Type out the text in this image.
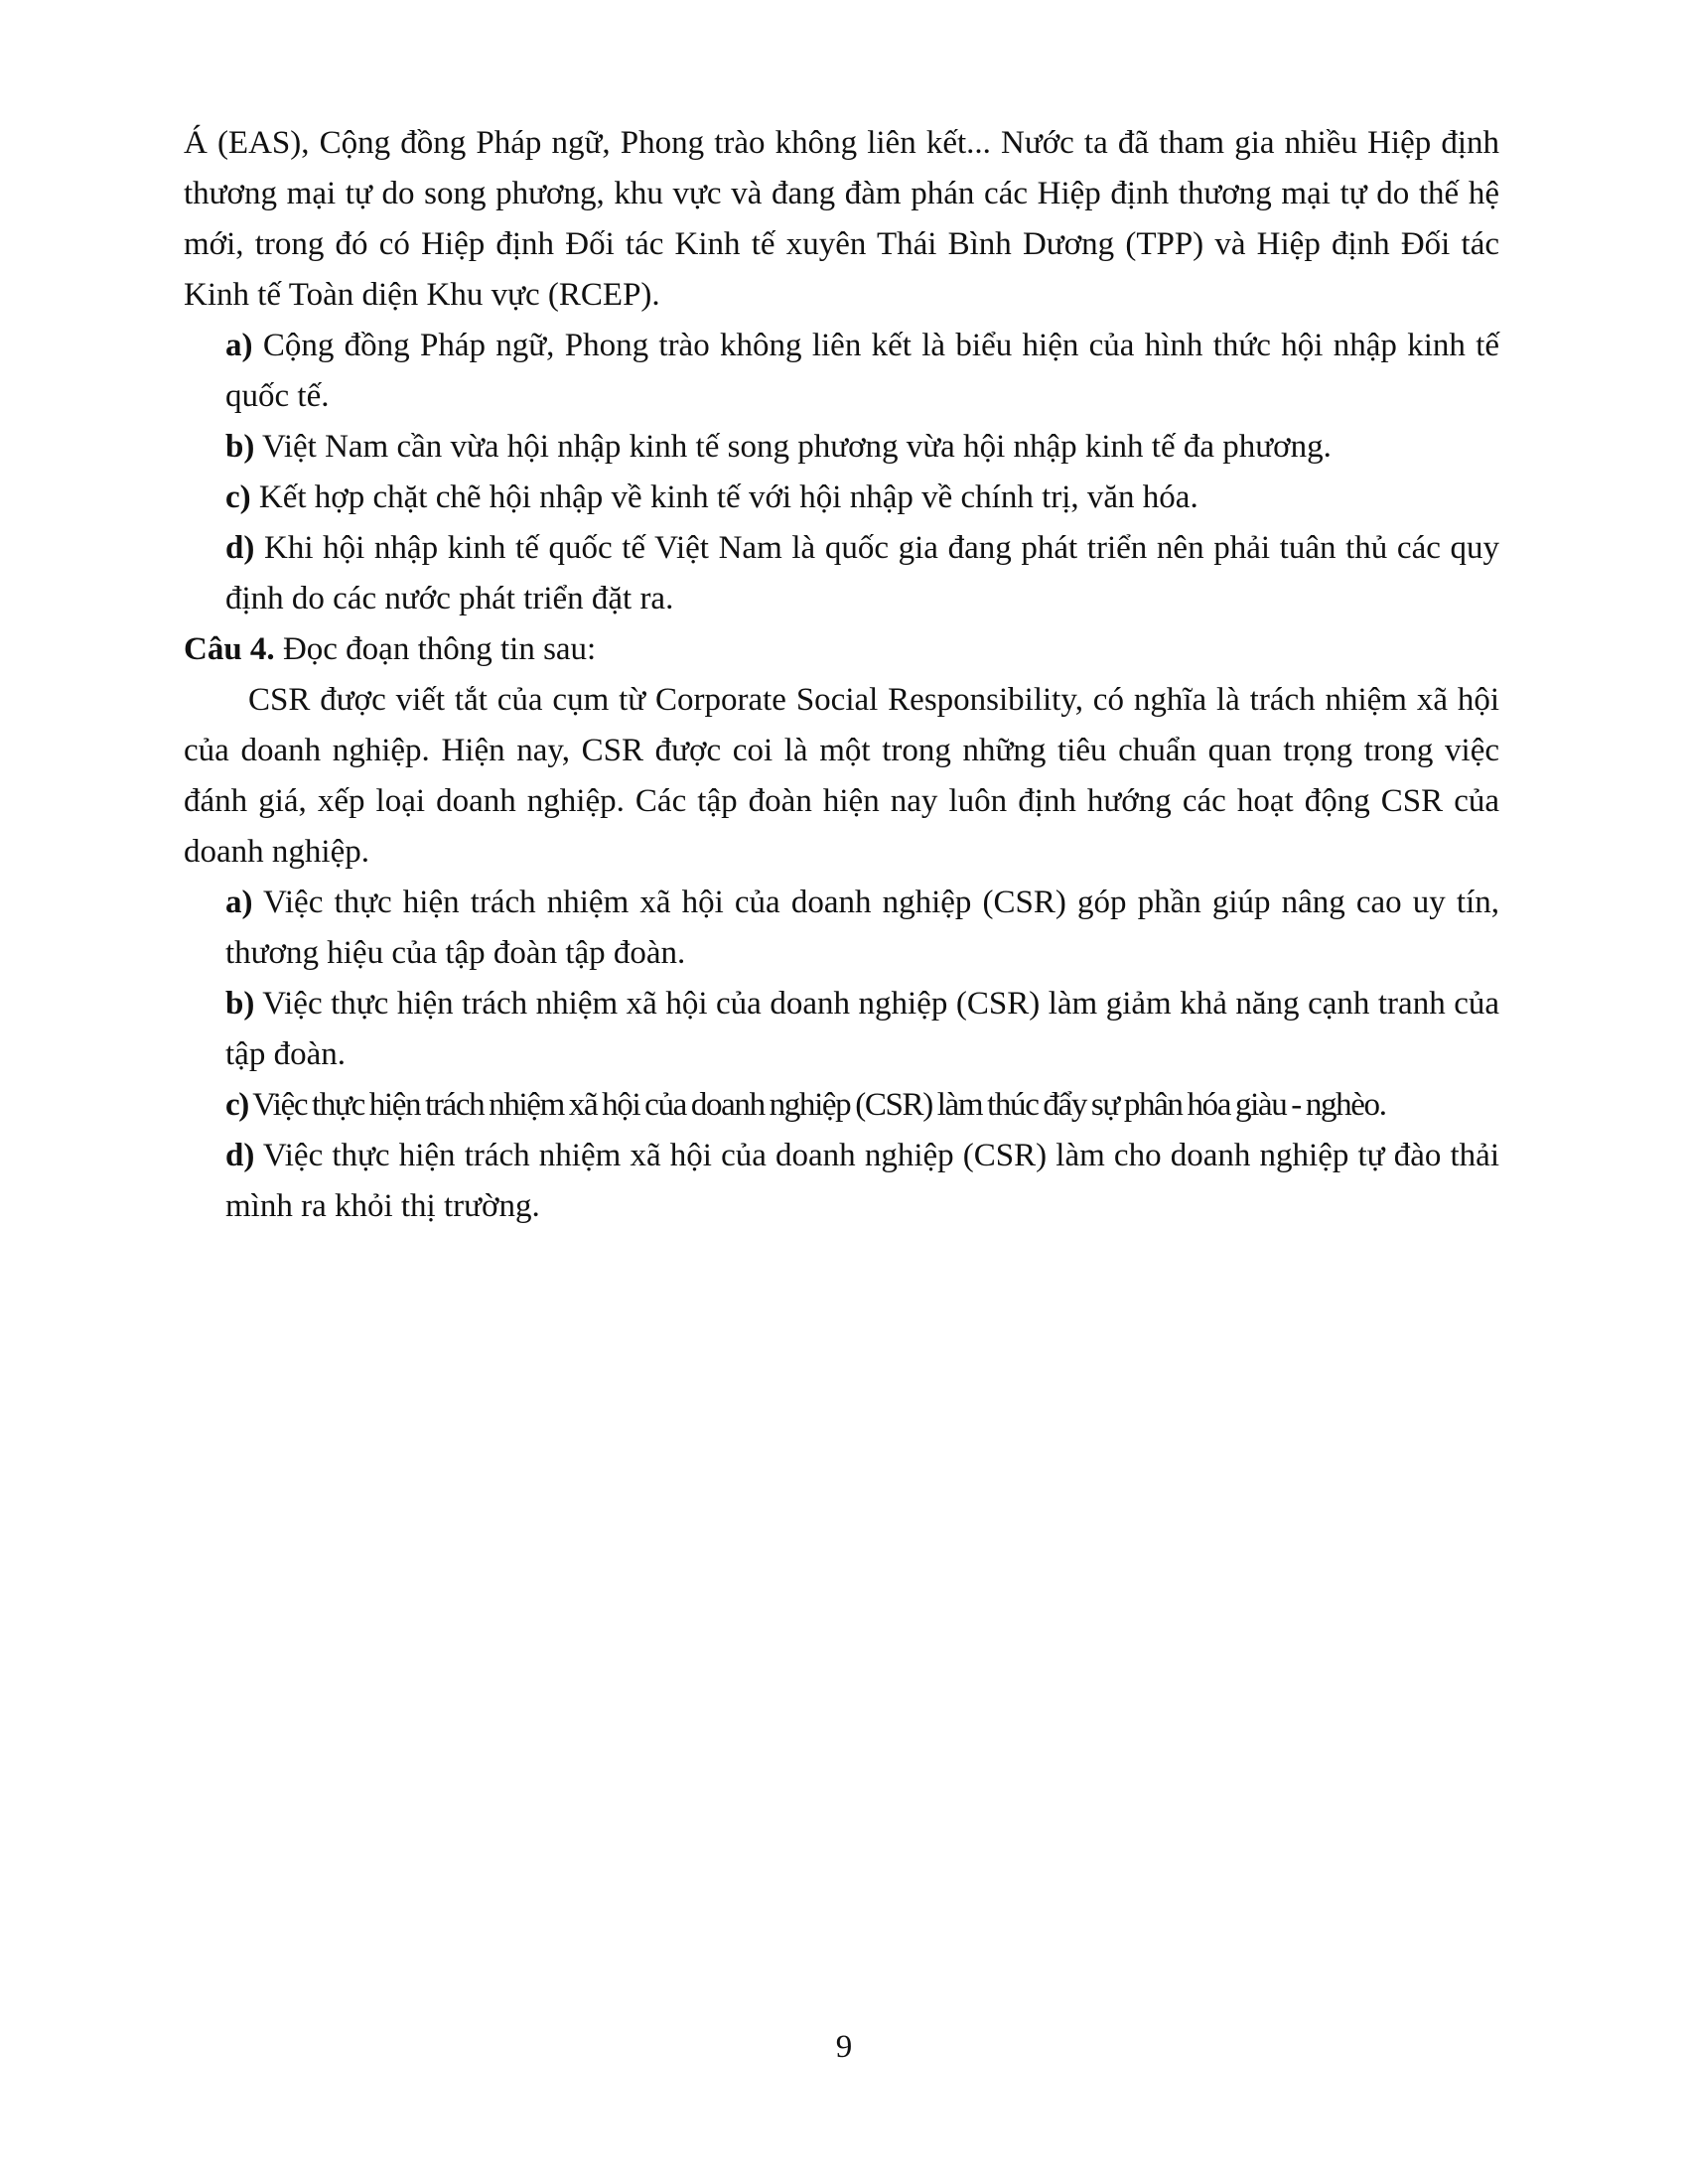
Á (EAS), Cộng đồng Pháp ngữ, Phong trào không liên kết... Nước ta đã tham gia nhiều Hiệp định thương mại tự do song phương, khu vực và đang đàm phán các Hiệp định thương mại tự do thế hệ mới, trong đó có Hiệp định Đối tác Kinh tế xuyên Thái Bình Dương (TPP) và Hiệp định Đối tác Kinh tế Toàn diện Khu vực (RCEP).

a) Cộng đồng Pháp ngữ, Phong trào không liên kết là biểu hiện của hình thức hội nhập kinh tế quốc tế.

b) Việt Nam cần vừa hội nhập kinh tế song phương vừa hội nhập kinh tế đa phương.

c) Kết hợp chặt chẽ hội nhập về kinh tế với hội nhập về chính trị, văn hóa.

d) Khi hội nhập kinh tế quốc tế Việt Nam là quốc gia đang phát triển nên phải tuân thủ các quy định do các nước phát triển đặt ra.

Câu 4. Đọc đoạn thông tin sau:

CSR được viết tắt của cụm từ Corporate Social Responsibility, có nghĩa là trách nhiệm xã hội của doanh nghiệp. Hiện nay, CSR được coi là một trong những tiêu chuẩn quan trọng trong việc đánh giá, xếp loại doanh nghiệp. Các tập đoàn hiện nay luôn định hướng các hoạt động CSR của doanh nghiệp.

a) Việc thực hiện trách nhiệm xã hội của doanh nghiệp (CSR) góp phần giúp nâng cao uy tín, thương hiệu của tập đoàn tập đoàn.

b) Việc thực hiện trách nhiệm xã hội của doanh nghiệp (CSR) làm giảm khả năng cạnh tranh của tập đoàn.

c) Việc thực hiện trách nhiệm xã hội của doanh nghiệp (CSR) làm thúc đẩy sự phân hóa giàu - nghèo.

d) Việc thực hiện trách nhiệm xã hội của doanh nghiệp (CSR) làm cho doanh nghiệp tự đào thải mình ra khỏi thị trường.

9
